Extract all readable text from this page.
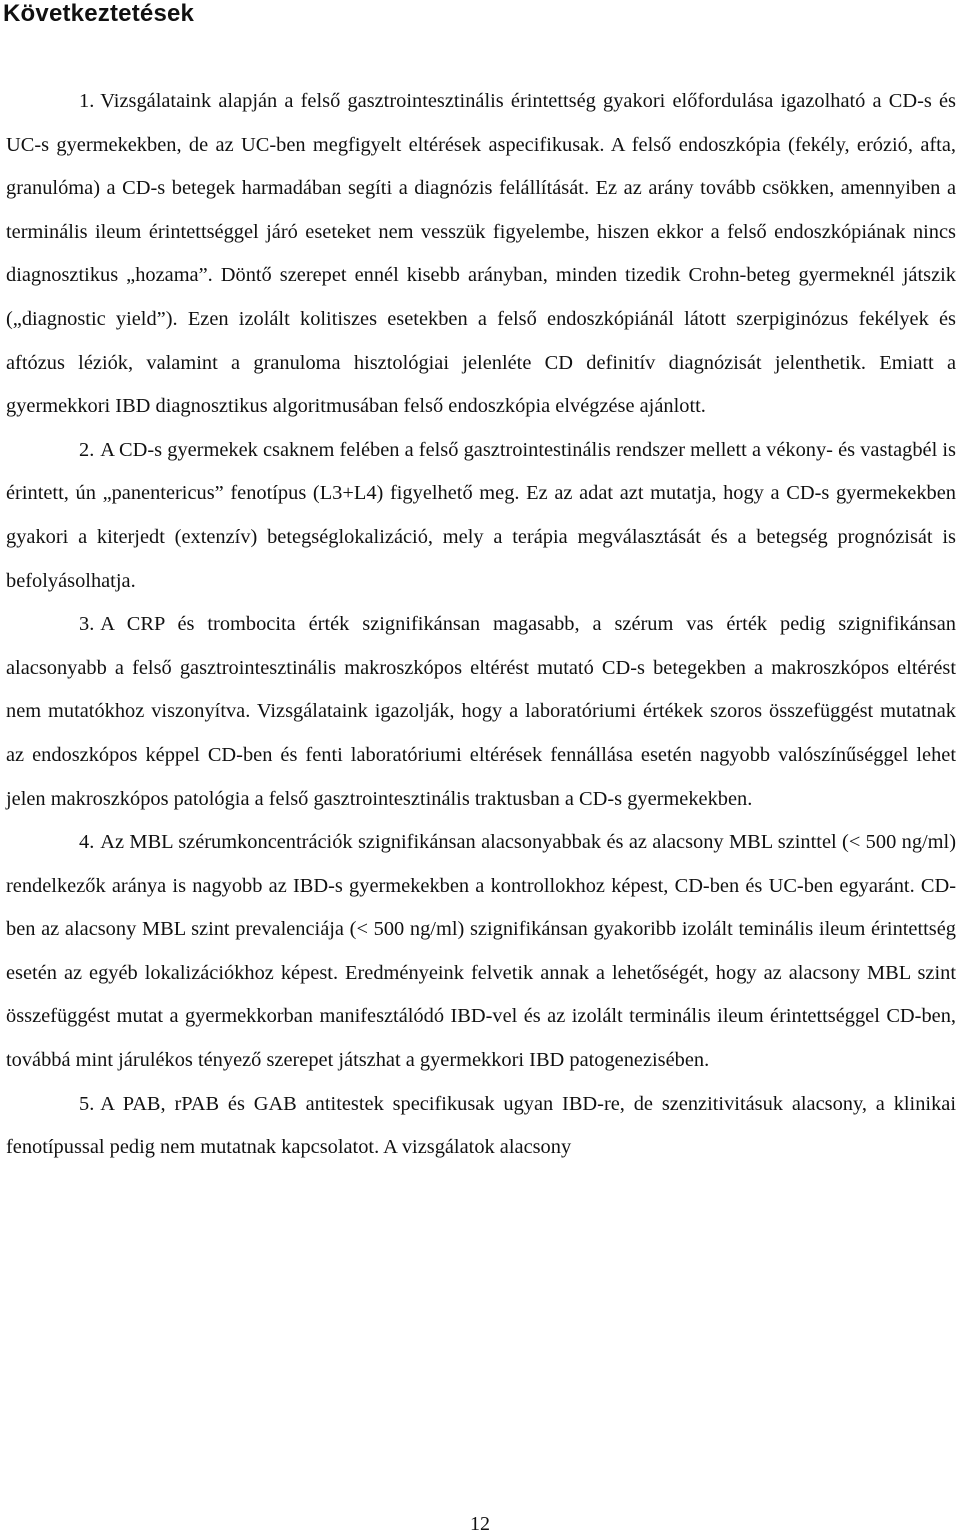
Következtetések

1. Vizsgálataink alapján a felső gasztrointesztinális érintettség gyakori előfordulása igazolható a CD-s és UC-s gyermekekben, de az UC-ben megfigyelt eltérések aspecifikusak. A felső endoszkópia (fekély, erózió, afta, granulóma) a CD-s betegek harmadában segíti a diagnózis felállítását. Ez az arány tovább csökken, amennyiben a terminális ileum érintettséggel járó eseteket nem vesszük figyelembe, hiszen ekkor a felső endoszkópiának nincs diagnosztikus „hozama”. Döntő szerepet ennél kisebb arányban, minden tizedik Crohn-beteg gyermeknél játszik („diagnostic yield”). Ezen izolált kolitiszes esetekben a felső endoszkópiánál látott szerpiginózus fekélyek és aftózus léziók, valamint a granuloma hisztológiai jelenléte CD definitív diagnózisát jelenthetik. Emiatt a gyermekkori IBD diagnosztikus algoritmusában felső endoszkópia elvégzése ajánlott.

2. A CD-s gyermekek csaknem felében a felső gasztrointestinális rendszer mellett a vékony- és vastagbél is érintett, ún „panentericus” fenotípus (L3+L4) figyelhető meg. Ez az adat azt mutatja, hogy a CD-s gyermekekben gyakori a kiterjedt (extenzív) betegséglokalizáció, mely a terápia megválasztását és a betegség prognózisát is befolyásolhatja.

3. A CRP és trombocita érték szignifikánsan magasabb, a szérum vas érték pedig szignifikánsan alacsonyabb a felső gasztrointesztinális makroszkópos eltérést mutató CD-s betegekben a makroszkópos eltérést nem mutatókhoz viszonyítva. Vizsgálataink igazolják, hogy a laboratóriumi értékek szoros összefüggést mutatnak az endoszkópos képpel CD-ben és fenti laboratóriumi eltérések fennállása esetén nagyobb valószínűséggel lehet jelen makroszkópos patológia a felső gasztrointesztinális traktusban a CD-s gyermekekben.

4. Az MBL szérumkoncentrációk szignifikánsan alacsonyabbak és az alacsony MBL szinttel (< 500 ng/ml) rendelkezők aránya is nagyobb az IBD-s gyermekekben a kontrollokhoz képest, CD-ben és UC-ben egyaránt. CD-ben az alacsony MBL szint prevalenciája (< 500 ng/ml) szignifikánsan gyakoribb izolált teminális ileum érintettség esetén az egyéb lokalizációkhoz képest. Eredményeink felvetik annak a lehetőségét, hogy az alacsony MBL szint összefüggést mutat a gyermekkorban manifesztálódó IBD-vel és az izolált terminális ileum érintettséggel CD-ben, továbbá mint járulékos tényező szerepet játszhat a gyermekkori IBD patogenezisében.

5. A PAB, rPAB és GAB antitestek specifikusak ugyan IBD-re, de szenzitivitásuk alacsony, a klinikai fenotípussal pedig nem mutatnak kapcsolatot. A vizsgálatok alacsony

12
